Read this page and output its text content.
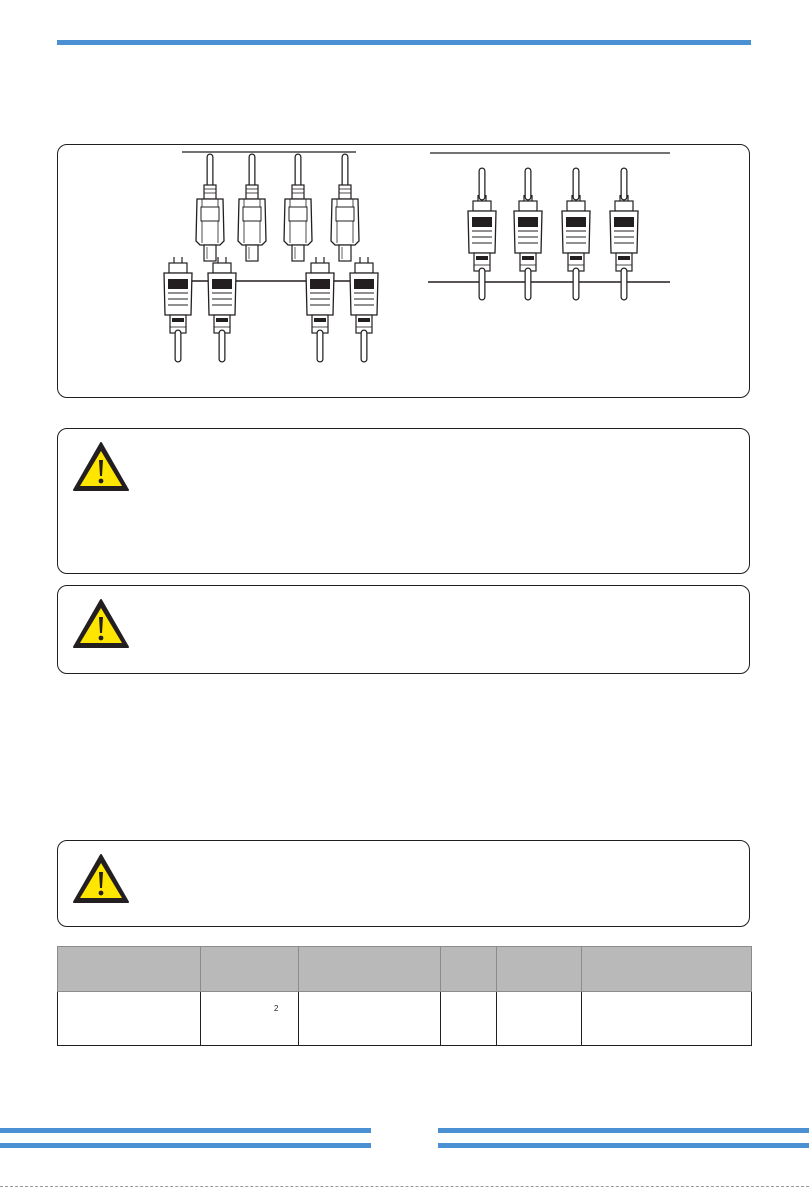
	2				
